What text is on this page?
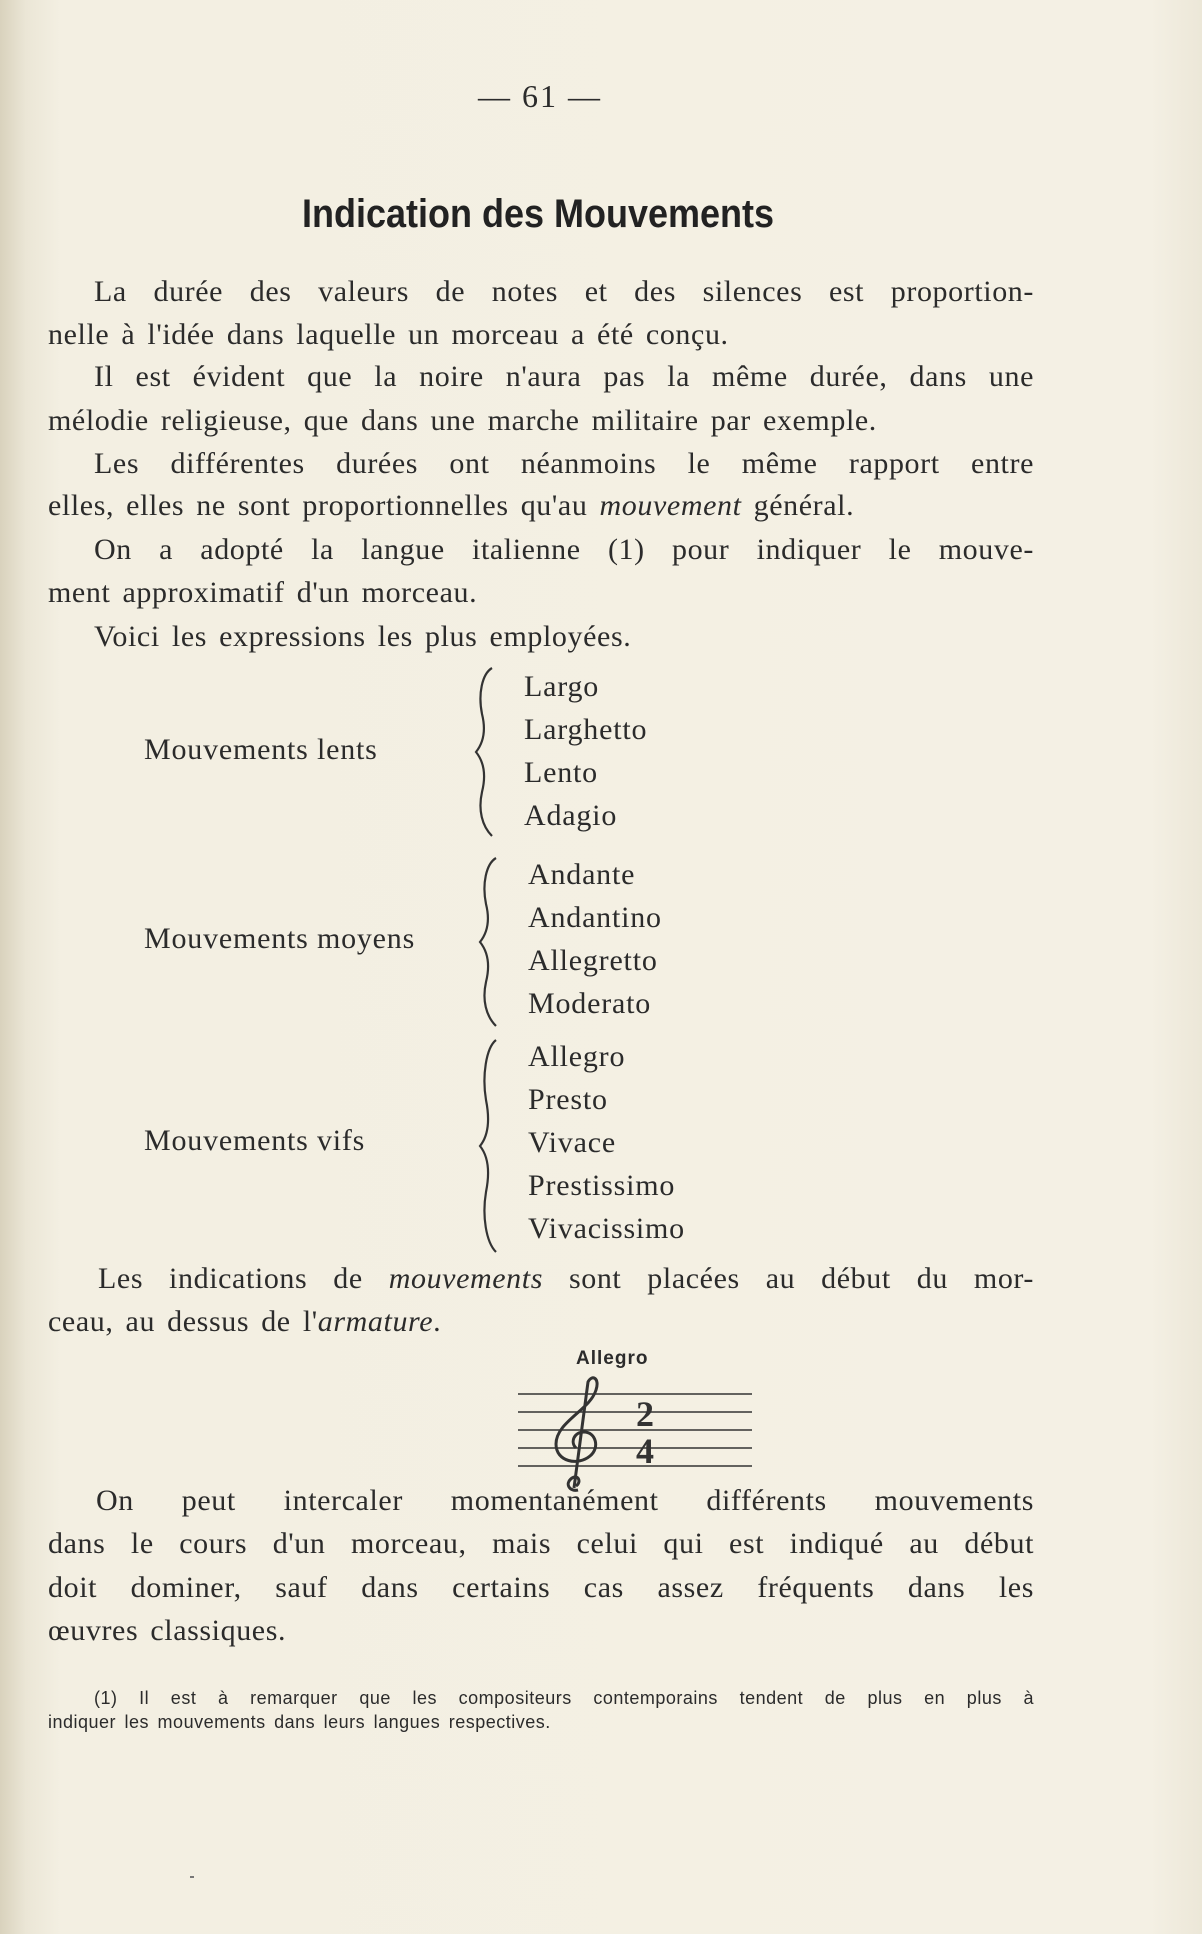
— 61 —
Indication des Mouvements
La durée des valeurs de notes et des silences est proportion-
nelle à l'idée dans laquelle un morceau a été conçu.
Il est évident que la noire n'aura pas la même durée, dans une
mélodie religieuse, que dans une marche militaire par exemple.
Les différentes durées ont néanmoins le même rapport entre
elles, elles ne sont proportionnelles qu'au mouvement général.
On a adopté la langue italienne (1) pour indiquer le mouve-
ment approximatif d'un morceau.
Voici les expressions les plus employées.
Mouvements lents
Largo
Larghetto
Lento
Adagio
Mouvements moyens
Andante
Andantino
Allegretto
Moderato
Mouvements vifs
Allegro
Presto
Vivace
Prestissimo
Vivacissimo
Les indications de mouvements sont placées au début du mor-
ceau, au dessus de l'armature.
Allegro
2
4
On peut intercaler momentanément différents mouvements
dans le cours d'un morceau, mais celui qui est indiqué au début
doit dominer, sauf dans certains cas assez fréquents dans les
œuvres classiques.
(1) Il est à remarquer que les compositeurs contemporains tendent de plus en plus à
indiquer les mouvements dans leurs langues respectives.
